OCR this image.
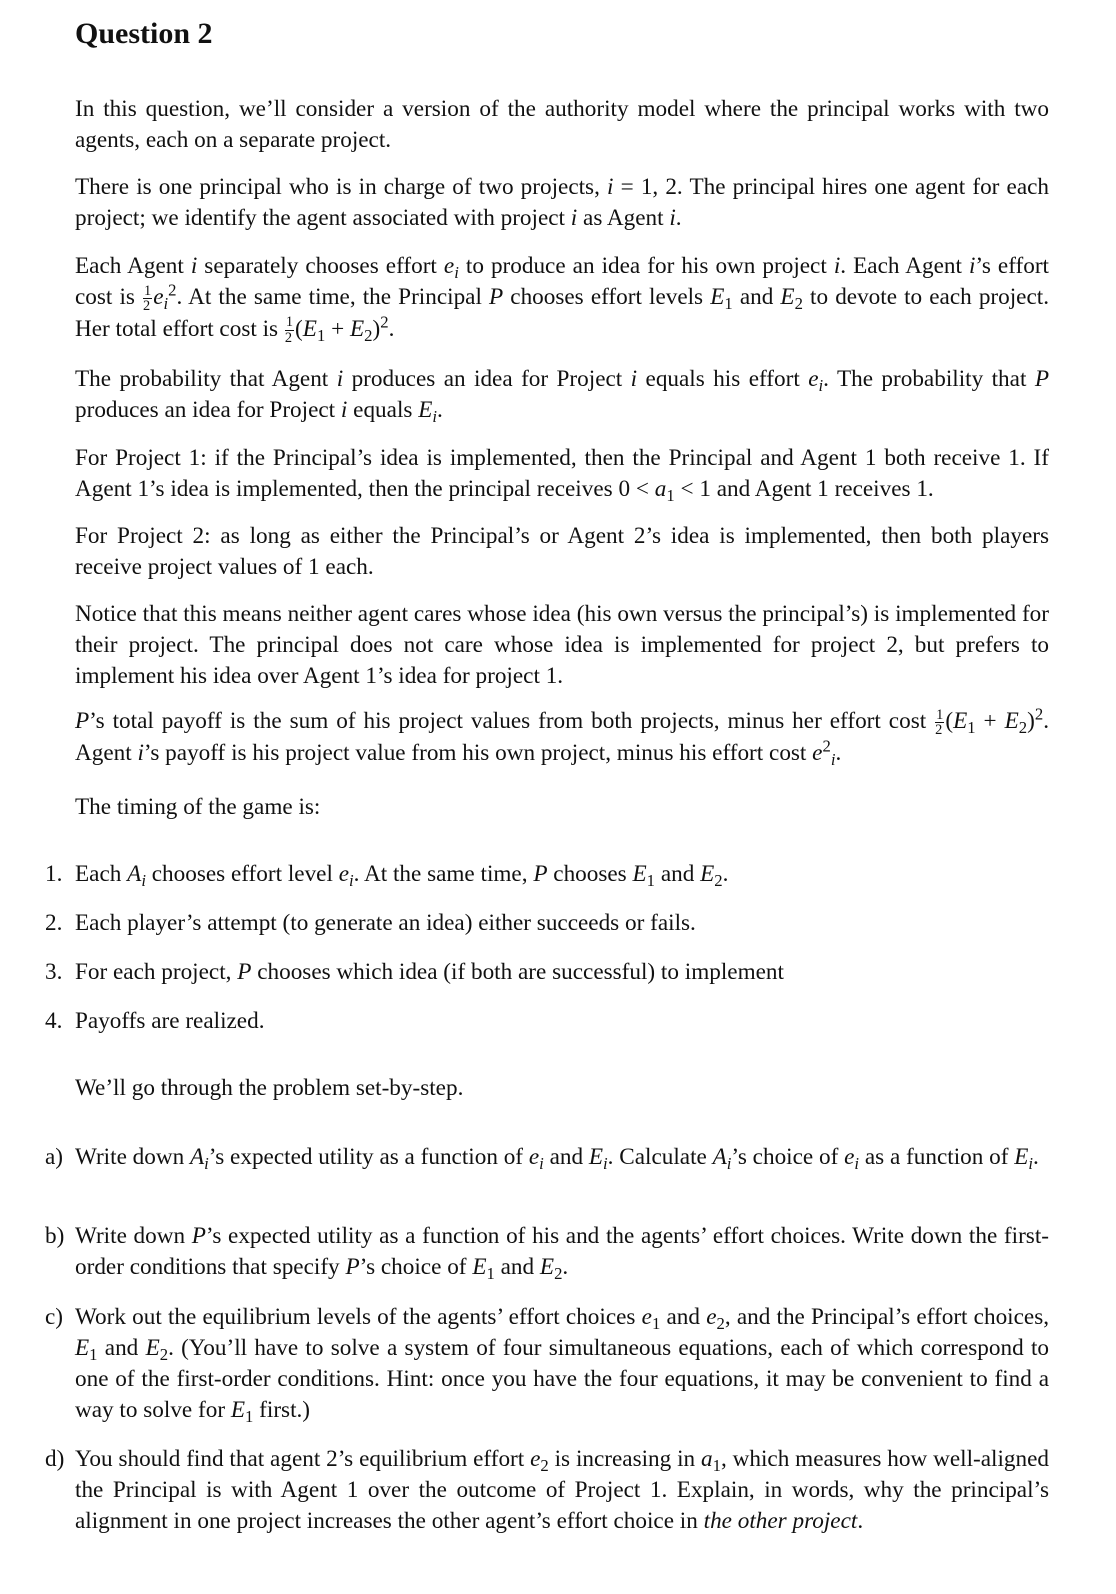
Question 2

In this question, we’ll consider a version of the authority model where the principal works with two agents, each on a separate project.

There is one principal who is in charge of two projects, i = 1, 2. The principal hires one agent for each project; we identify the agent associated with project i as Agent i.

Each Agent i separately chooses effort $e_i$ to produce an idea for his own project i. Each Agent i’s effort cost is $\frac{1}{2} e_i^2$. At the same time, the Principal P chooses effort levels $E_1$ and $E_2$ to devote to each project. Her total effort cost is $\frac{1}{2} (E_1 + E_2)^2$.

The probability that Agent i produces an idea for Project i equals his effort $e_i$. The probability that P produces an idea for Project i equals $E_i$.

For Project 1: if the Principal’s idea is implemented, then the Principal and Agent 1 both receive 1. If Agent 1’s idea is implemented, then the principal receives $0 < a_1 < 1$ and Agent 1 receives 1.

For Project 2: as long as either the Principal’s or Agent 2’s idea is implemented, then both players receive project values of 1 each.

Notice that this means neither agent cares whose idea (his own versus the principal’s) is implemented for their project. The principal does not care whose idea is implemented for project 2, but prefers to implement his idea over Agent 1’s idea for project 1.

P’s total payoff is the sum of his project values from both projects, minus her effort cost $\frac{1}{2} (E_1 + E_2)^2$. Agent i’s payoff is his project value from his own project, minus his effort cost $e^2_i$.

The timing of the game is:

1. Each $A_i$ chooses effort level $e_i$. At the same time, P chooses $E_1$ and $E_2$.
2. Each player’s attempt (to generate an idea) either succeeds or fails.
3. For each project, P chooses which idea (if both are successful) to implement
4. Payoffs are realized.

We’ll go through the problem set-by-step.

a) Write down $A_i’s$ expected utility as a function of $e_i$ and $E_i$. Calculate $A_i’s$ choice of $e_i$ as a function of $E_i$.
b) Write down P’s expected utility as a function of his and the agents’ effort choices. Write down the first-order conditions that specify P’s choice of $E_1$ and $E_2$.
c) Work out the equilibrium levels of the agents’ effort choices $e_1$ and $e_2$, and the Principal’s effort choices, $E_1$ and $E_2$. (You’ll have to solve a system of four simultaneous equations, each of which correspond to one of the first-order conditions. Hint: once you have the four equations, it may be convenient to find a way to solve for $E_1$ first.)
d) You should find that agent 2’s equilibrium effort $e_2$ is increasing in $a_1$, which measures how well-aligned the Principal is with Agent 1 over the outcome of Project 1. Explain, in words, why the principal’s alignment in one project increases the other agent’s effort choice in the other project.
